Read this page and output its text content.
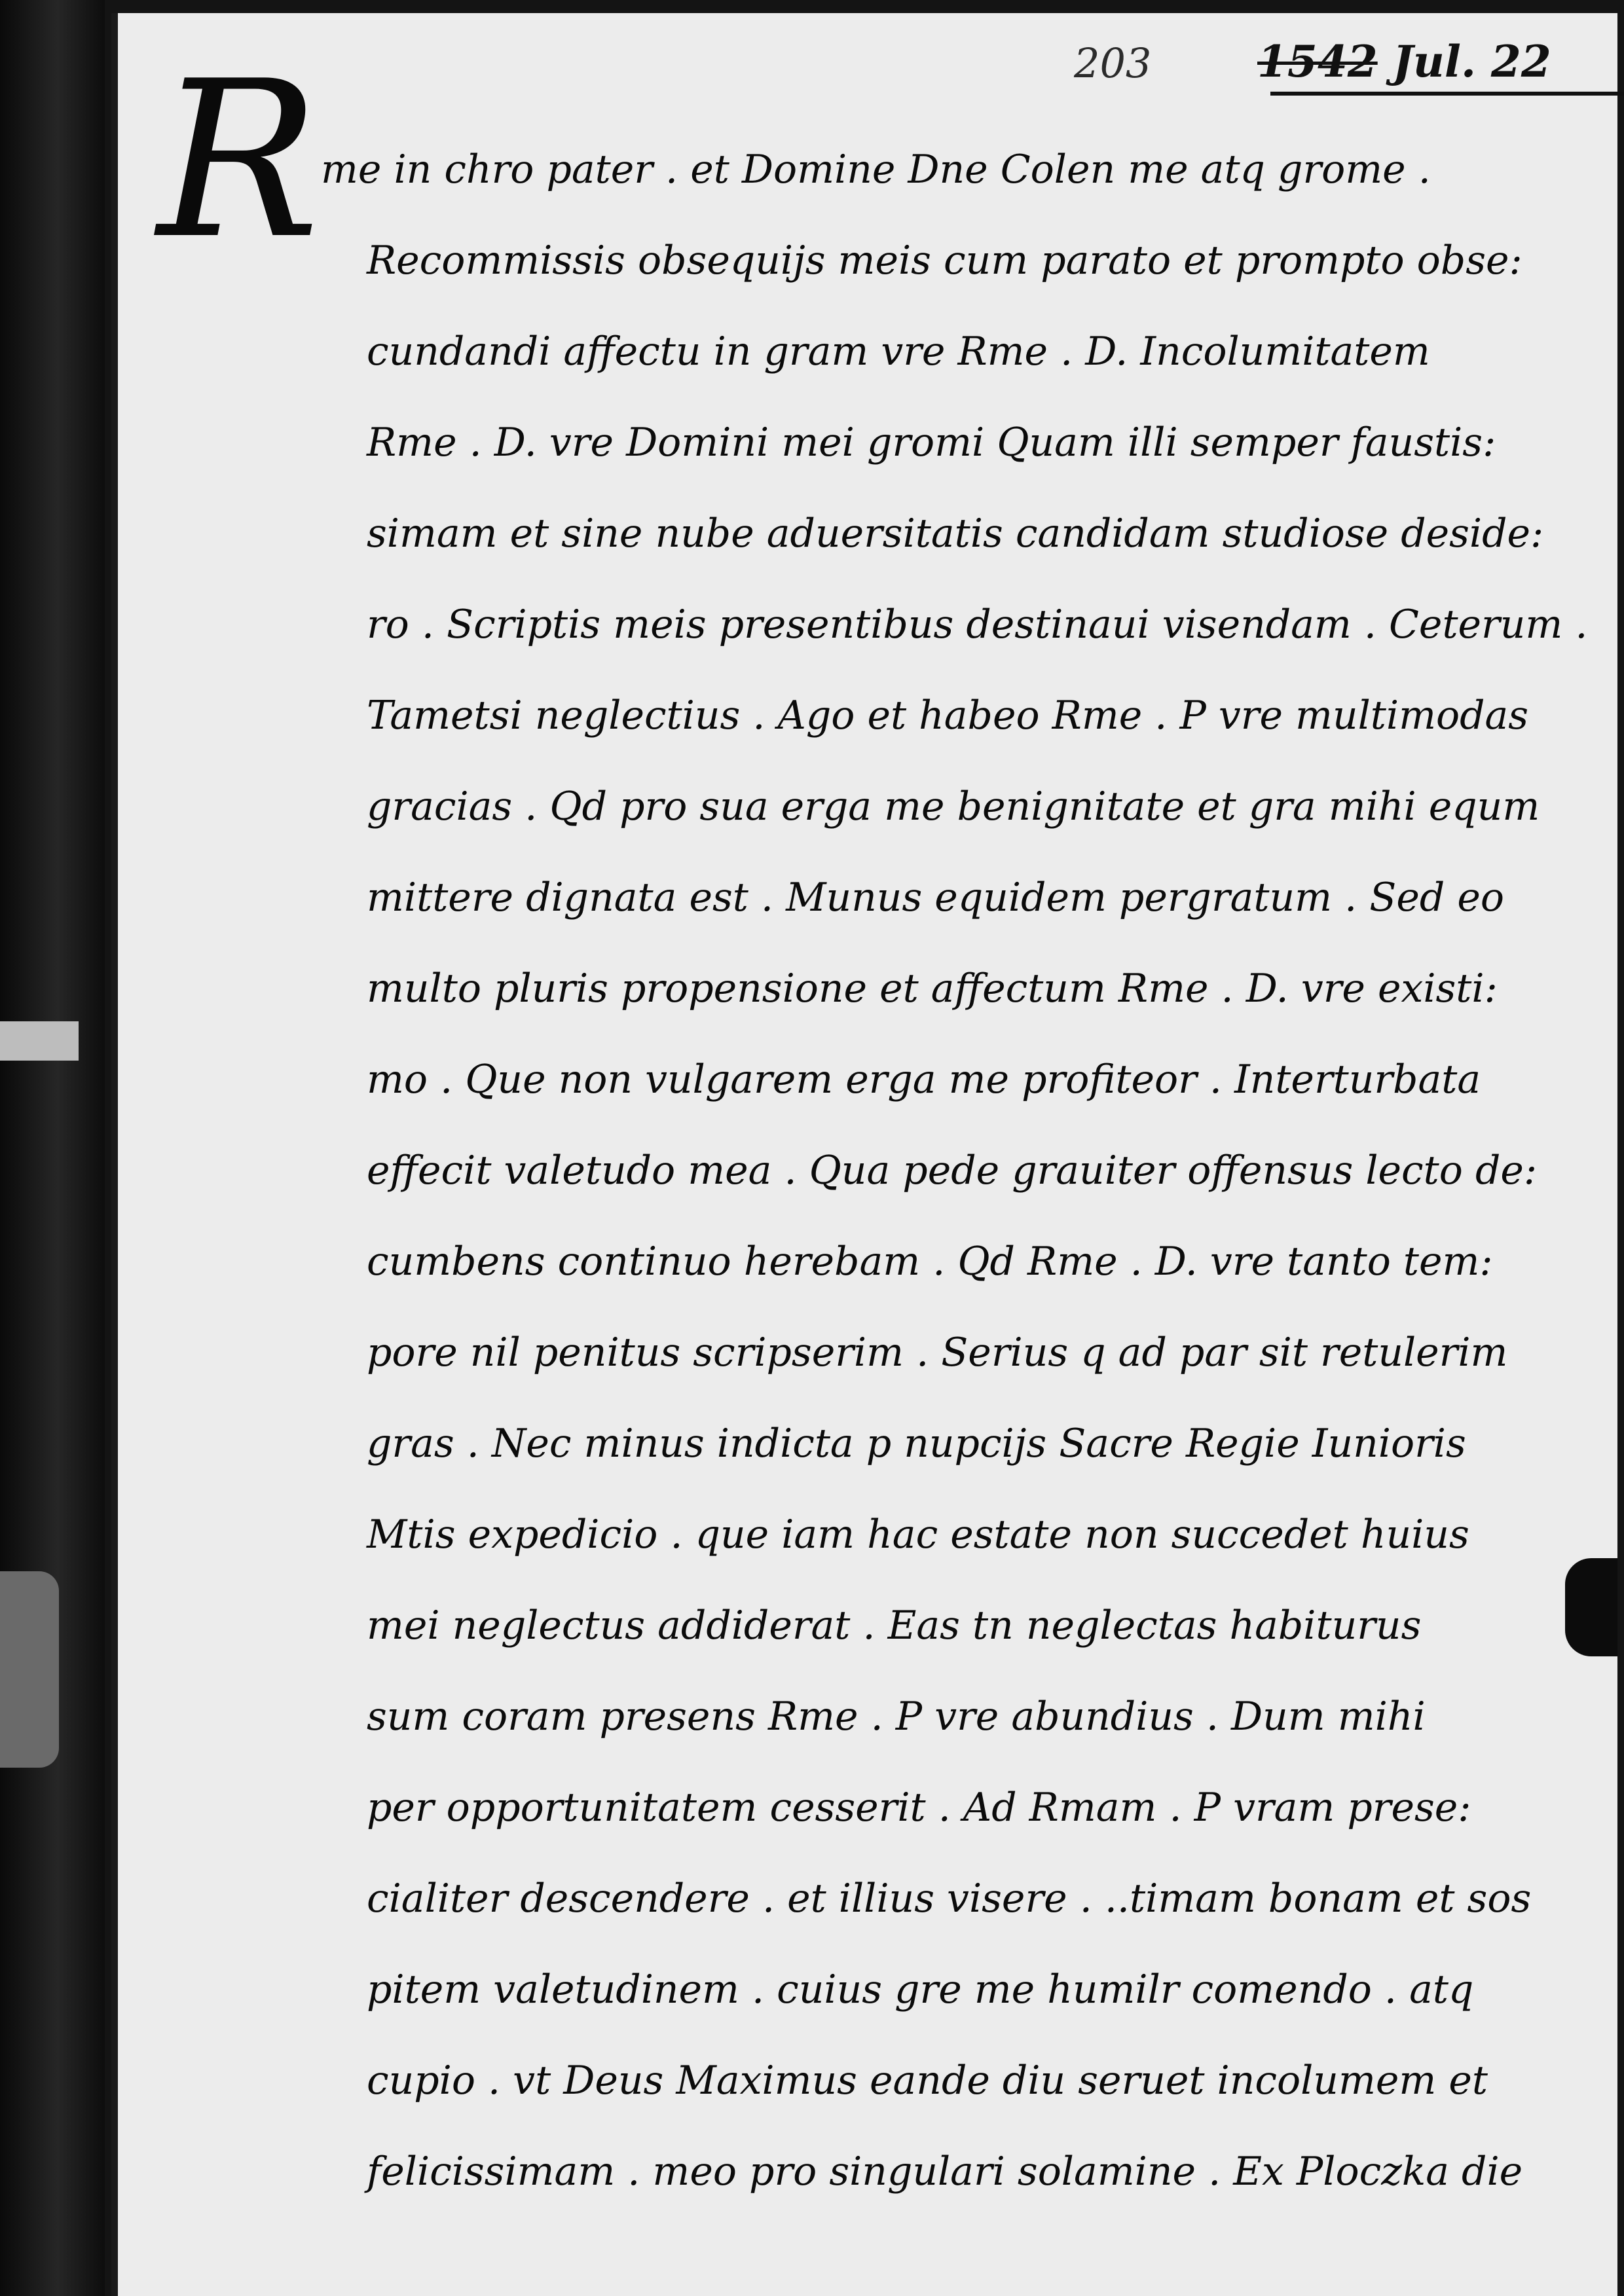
203 1542 Jul. 22
R me in chro pater . et Domine Dne Colen me atq grome .
Recommissis obsequijs meis cum parato et prompto obse:
cundandi affectu in gram vre Rme . D. Incolumitatem
Rme . D. vre Domini mei gromi Quam illi semper faustis:
simam et sine nube aduersitatis candidam studiose deside:
ro . Scriptis meis presentibus destinaui visendam . Ceterum .
Tametsi neglectius . Ago et habeo Rme . P vre multimodas
gracias . Qd pro sua erga me benignitate et gra mihi equm
mittere dignata est . Munus equidem pergratum . Sed eo
multo pluris propensione et affectum Rme . D. vre existi:
mo . Que non vulgarem erga me profiteor . Interturbata
effecit valetudo mea . Qua pede grauiter offensus lecto de:
cumbens continuo herebam . Qd Rme . D. vre tanto tem:
pore nil penitus scripserim . Serius q ad par sit retulerim
gras . Nec minus indicta p nupcijs Sacre Regie Iunioris
Mtis expedicio . que iam hac estate non succedet huius
mei neglectus addiderat . Eas tn neglectas habiturus
sum coram presens Rme . P vre abundius . Dum mihi
per opportunitatem cesserit . Ad Rmam . P vram prese:
cialiter descendere . et illius visere . ..timam bonam et sos
pitem valetudinem . cuius gre me humilr comendo . atq
cupio . vt Deus Maximus eande diu seruet incolumem et
felicissimam . meo pro singulari solamine . Ex Ploczka die
